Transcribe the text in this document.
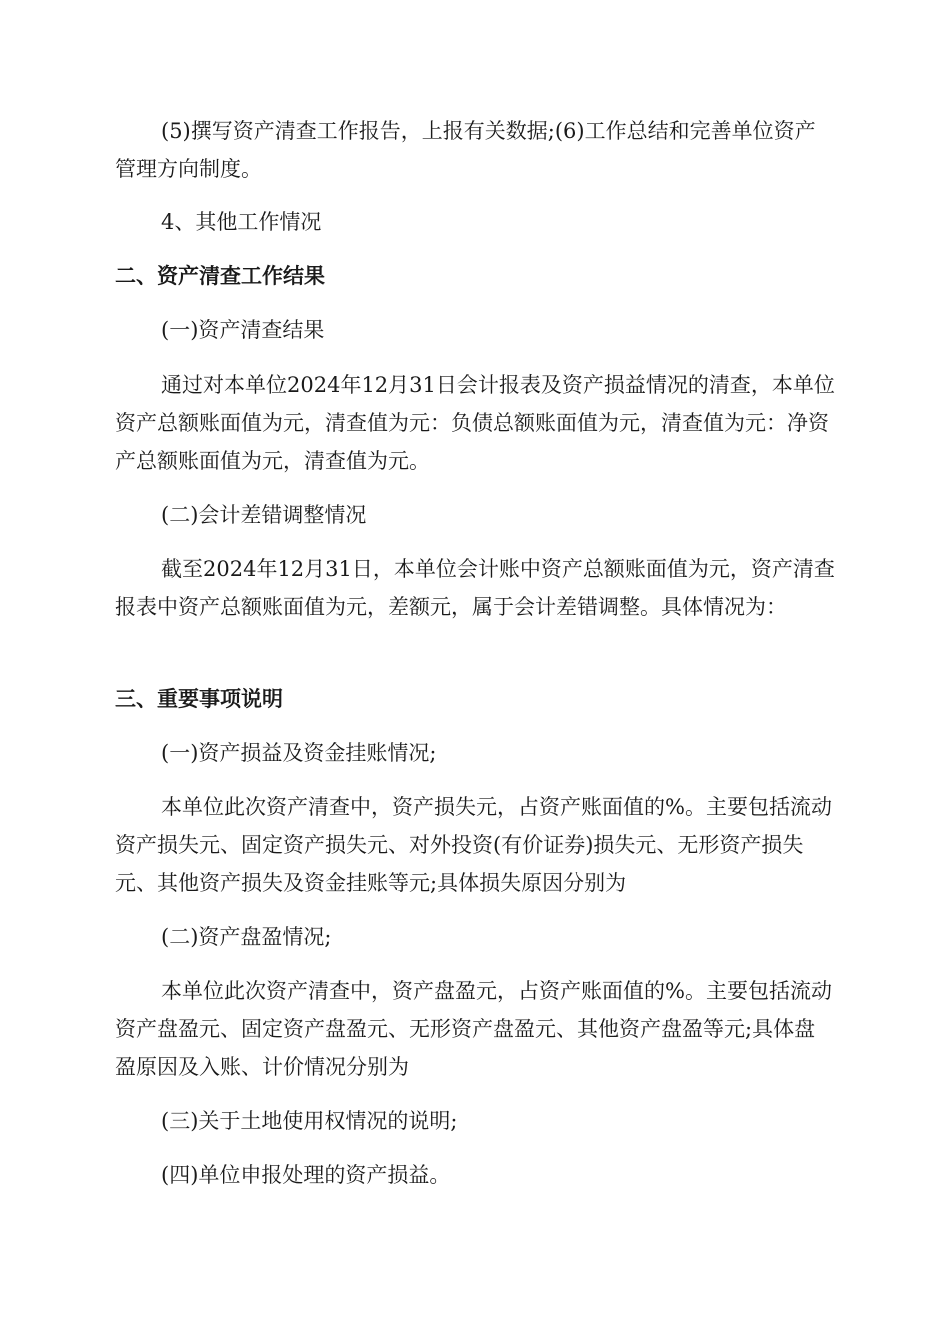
(5)撰写资产清查工作报告，上报有关数据;(6)工作总结和完善单位资产管理方向制度。

4、其他工作情况

二、资产清查工作结果

(一)资产清查结果

通过对本单位2024年12月31日会计报表及资产损益情况的清查，本单位资产总额账面值为元，清查值为元：负债总额账面值为元，清查值为元：净资产总额账面值为元，清查值为元。

(二)会计差错调整情况

截至2024年12月31日，本单位会计账中资产总额账面值为元，资产清查报表中资产总额账面值为元，差额元，属于会计差错调整。具体情况为：

三、重要事项说明

(一)资产损益及资金挂账情况;

本单位此次资产清查中，资产损失元，占资产账面值的%。主要包括流动资产损失元、固定资产损失元、对外投资(有价证券)损失元、无形资产损失元、其他资产损失及资金挂账等元;具体损失原因分别为

(二)资产盘盈情况;

本单位此次资产清查中，资产盘盈元，占资产账面值的%。主要包括流动资产盘盈元、固定资产盘盈元、无形资产盘盈元、其他资产盘盈等元;具体盘盈原因及入账、计价情况分别为

(三)关于土地使用权情况的说明;

(四)单位申报处理的资产损益。
